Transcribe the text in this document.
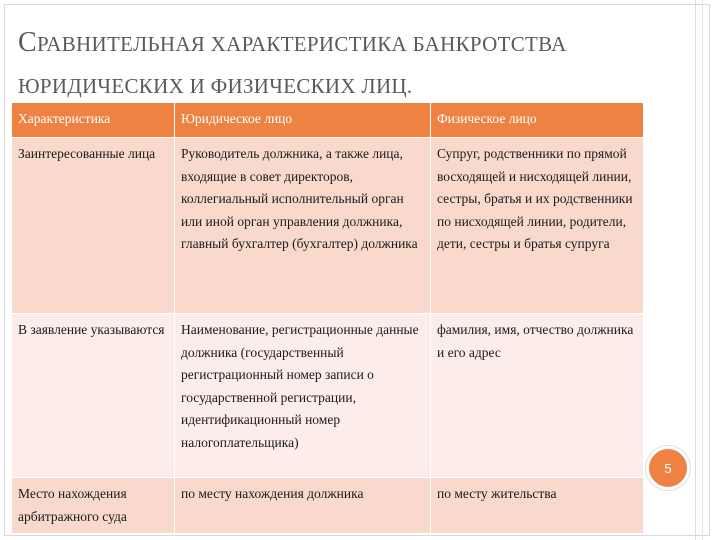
СРАВНИТЕЛЬНАЯ ХАРАКТЕРИСТИКА БАНКРОТСТВА
ЮРИДИЧЕСКИХ И ФИЗИЧЕСКИХ ЛИЦ.
Характеристика	Юридическое лицо	Физическое лицо
Заинтересованные лица	Руководитель должника, а также лица, входящие в совет директоров, коллегиальный исполнительный орган или иной орган управления должника, главный бухгалтер (бухгалтер) должника	Супруг, родственники по прямой восходящей и нисходящей линии, сестры, братья и их родственники по нисходящей линии, родители, дети, сестры и братья супруга
В заявление указываются	Наименование, регистрационные данные должника (государственный регистрационный номер записи о государственной регистрации, идентификационный номер налогоплательщика)	фамилия, имя, отчество должника и его адрес
Место нахождения арбитражного суда	по месту нахождения должника	по месту жительства
5
